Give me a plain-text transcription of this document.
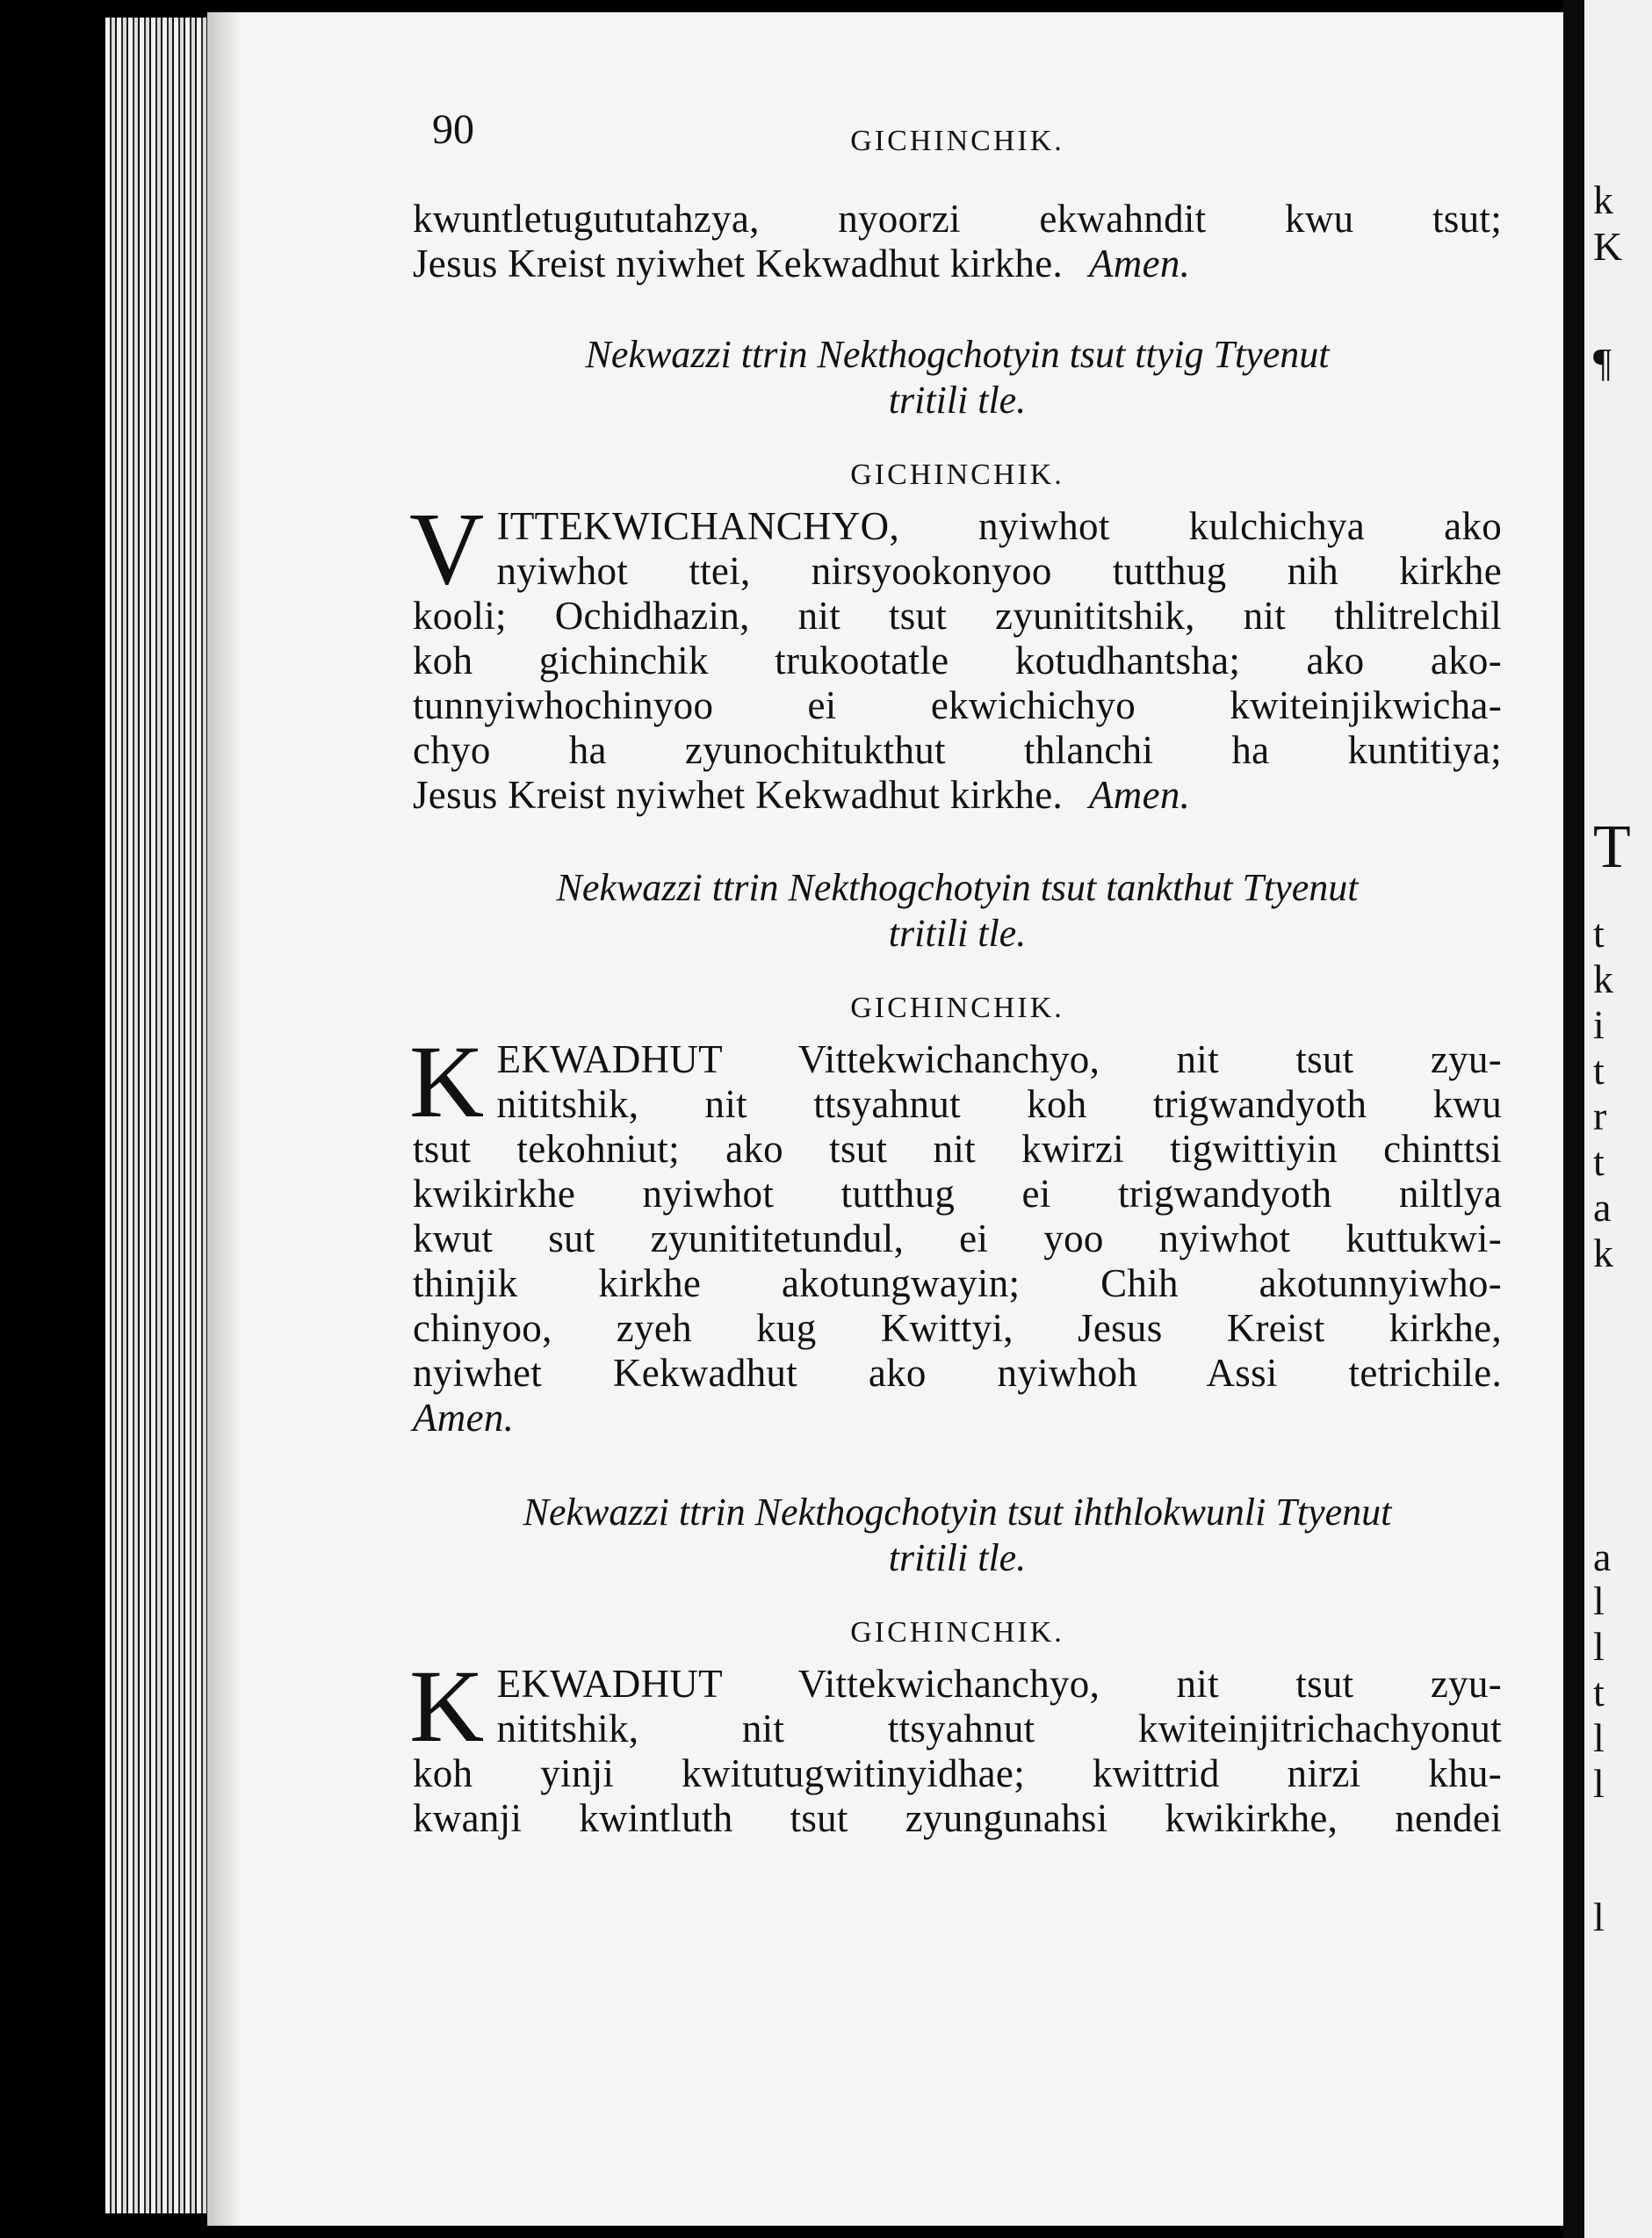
k
K
¶
T
t
k
i
t
r
t
a
k
a
l
l
t
l
l
l
90	GICHINCHIK.
kwuntletugututahzya, nyoorzi ekwahndit kwu tsut;
Jesus Kreist nyiwhet Kekwadhut kirkhe. Amen.

Nekwazzi ttrin Nekthogchotyin tsut ttyig Ttyenut

tritili tle.

GICHINCHIK.

V ITTEKWICHANCHYO, nyiwhot kulchichya ako
nyiwhot ttei, nirsyookonyoo tutthug nih kirkhe
kooli; Ochidhazin, nit tsut zyunititshik, nit thlitrelchil
koh gichinchik trukootatle kotudhantsha; ako ako-
tunnyiwhochinyoo ei ekwichichyo kwiteinjikwicha-
chyo ha zyunochitukthut thlanchi ha kuntitiya;
Jesus Kreist nyiwhet Kekwadhut kirkhe. Amen.

Nekwazzi ttrin Nekthogchotyin tsut tankthut Ttyenut

tritili tle.

GICHINCHIK.

K EKWADHUT Vittekwichanchyo, nit tsut zyu-
nititshik, nit ttsyahnut koh trigwandyoth kwu
tsut tekohniut; ako tsut nit kwirzi tigwittiyin chinttsi
kwikirkhe nyiwhot tutthug ei trigwandyoth niltlya
kwut sut zyunititetundul, ei yoo nyiwhot kuttukwi-
thinjik kirkhe akotungwayin; Chih akotunnyiwho-
chinyoo, zyeh kug Kwittyi, Jesus Kreist kirkhe,
nyiwhet Kekwadhut ako nyiwhoh Assi tetrichile.
Amen.

Nekwazzi ttrin Nekthogchotyin tsut ihthlokwunli Ttyenut

tritili tle.

GICHINCHIK.

K EKWADHUT Vittekwichanchyo, nit tsut zyu-
nititshik, nit ttsyahnut kwiteinjitrichachyonut
koh yinji kwitutugwitinyidhae; kwittrid nirzi khu-
kwanji kwintluth tsut zyungunahsi kwikirkhe, nendei
